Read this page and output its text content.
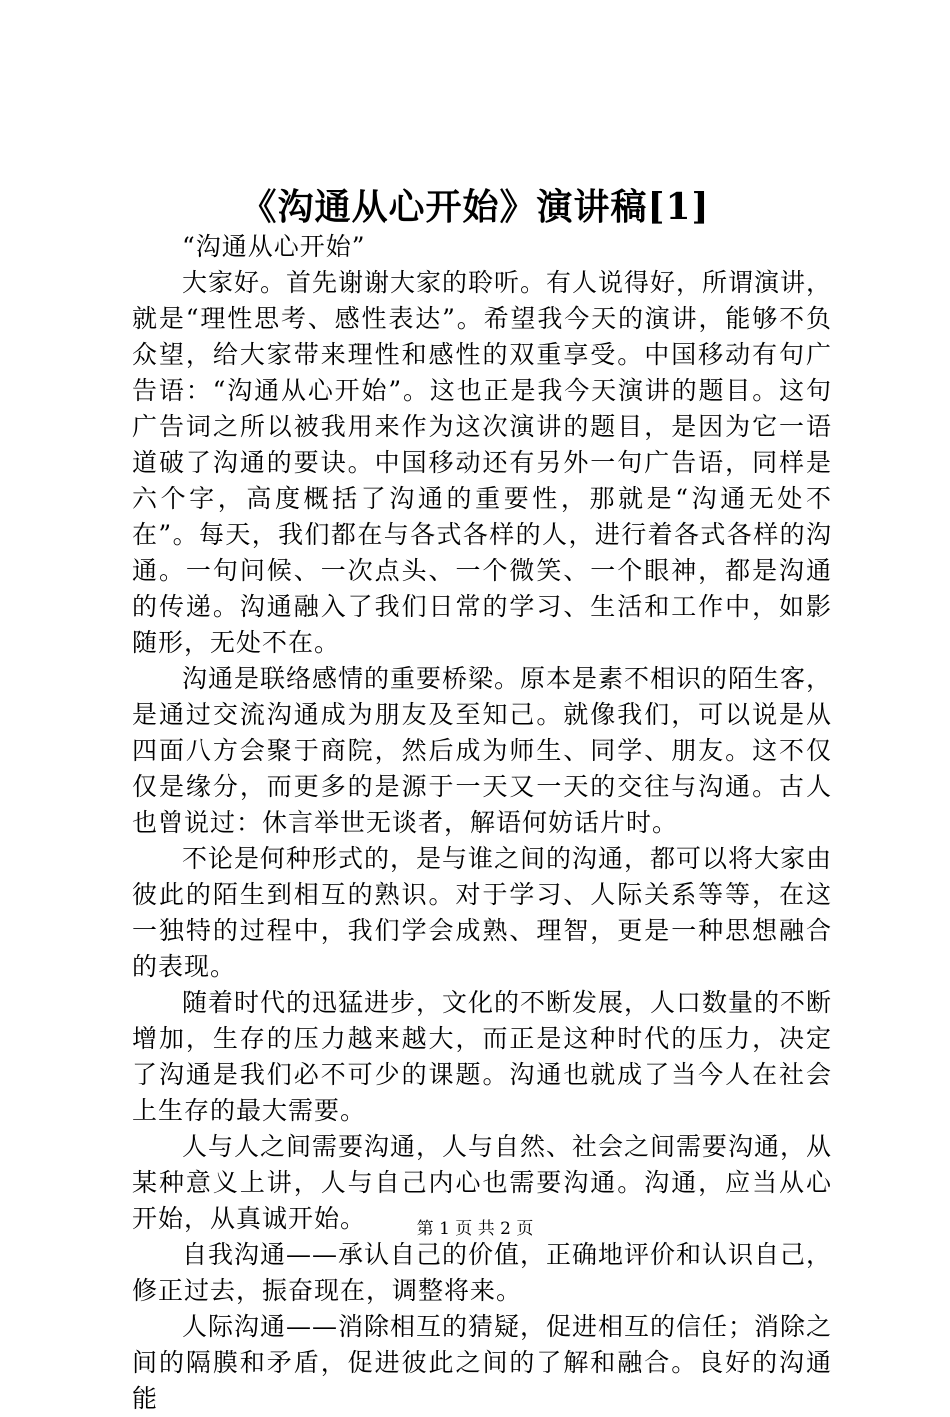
《沟通从心开始》演讲稿[1]

“沟通从心开始”

大家好。首先谢谢大家的聆听。有人说得好，所谓演讲，就是“理性思考、感性表达”。希望我今天的演讲，能够不负众望，给大家带来理性和感性的双重享受。中国移动有句广告语：“沟通从心开始”。这也正是我今天演讲的题目。这句广告词之所以被我用来作为这次演讲的题目，是因为它一语道破了沟通的要诀。中国移动还有另外一句广告语，同样是六个字，高度概括了沟通的重要性，那就是“沟通无处不在”。每天，我们都在与各式各样的人，进行着各式各样的沟通。一句问候、一次点头、一个微笑、一个眼神，都是沟通的传递。沟通融入了我们日常的学习、生活和工作中，如影随形，无处不在。

沟通是联络感情的重要桥梁。原本是素不相识的陌生客，是通过交流沟通成为朋友及至知己。就像我们，可以说是从四面八方会聚于商院，然后成为师生、同学、朋友。这不仅仅是缘分，而更多的是源于一天又一天的交往与沟通。古人也曾说过：休言举世无谈者，解语何妨话片时。

不论是何种形式的，是与谁之间的沟通，都可以将大家由彼此的陌生到相互的熟识。对于学习、人际关系等等，在这一独特的过程中，我们学会成熟、理智，更是一种思想融合的表现。

随着时代的迅猛进步，文化的不断发展，人口数量的不断增加，生存的压力越来越大，而正是这种时代的压力，决定了沟通是我们必不可少的课题。沟通也就成了当今人在社会上生存的最大需要。

人与人之间需要沟通，人与自然、社会之间需要沟通，从某种意义上讲，人与自己内心也需要沟通。沟通，应当从心开始，从真诚开始。

自我沟通——承认自己的价值，正确地评价和认识自己，修正过去，振奋现在，调整将来。

人际沟通——消除相互的猜疑，促进相互的信任；消除之间的隔膜和矛盾，促进彼此之间的了解和融合。良好的沟通能

第 1 页 共 2 页
